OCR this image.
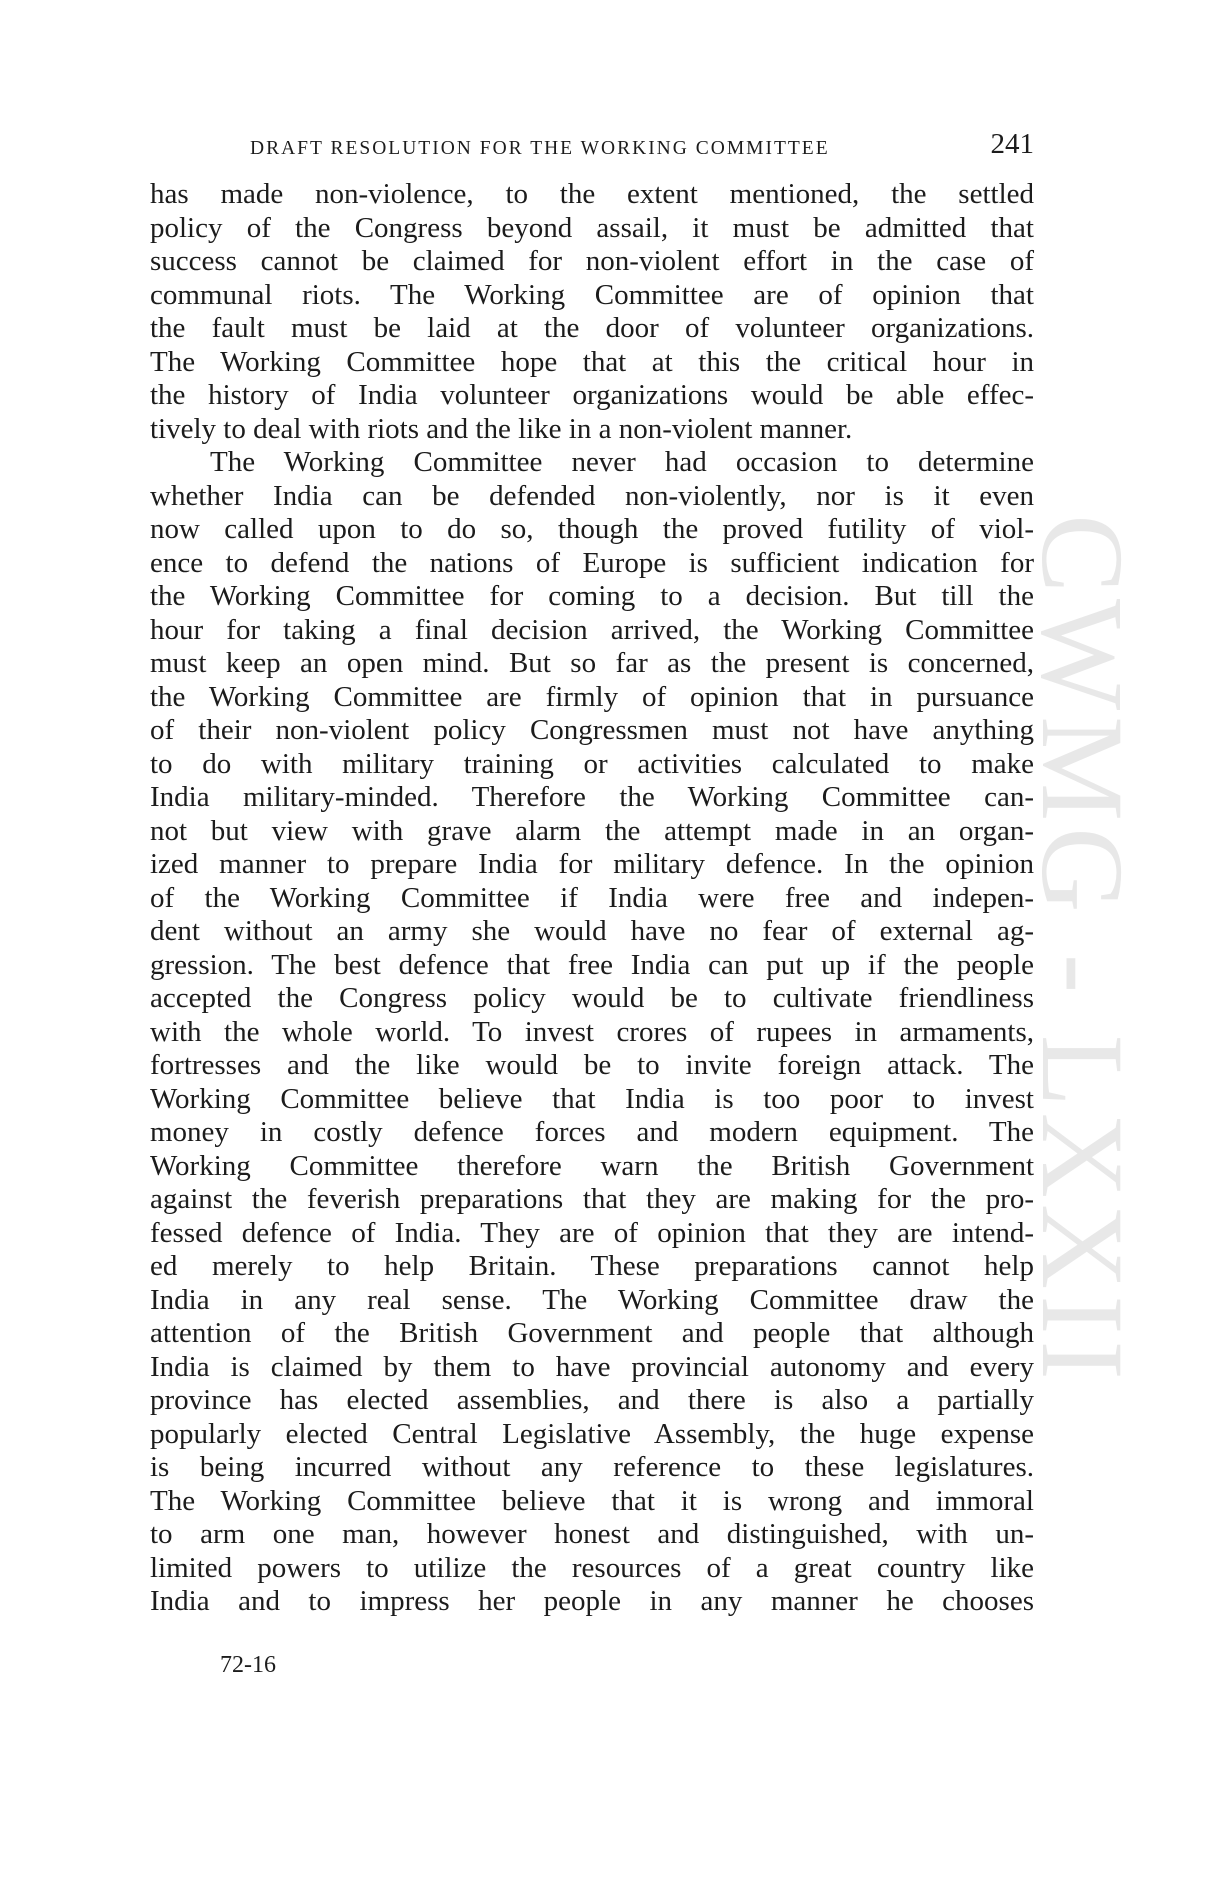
CWMG - LXXII
DRAFT RESOLUTION FOR THE WORKING COMMITTEE	241
has made non-violence, to the extent mentioned, the settled
policy of the Congress beyond assail, it must be admitted that
success cannot be claimed for non-violent effort in the case of
communal riots. The Working Committee are of opinion that
the fault must be laid at the door of volunteer organizations.
The Working Committee hope that at this the critical hour in
the history of India volunteer organizations would be able effec-
tively to deal with riots and the like in a non-violent manner.
The Working Committee never had occasion to determine
whether India can be defended non-violently, nor is it even
now called upon to do so, though the proved futility of viol-
ence to defend the nations of Europe is sufficient indication for
the Working Committee for coming to a decision. But till the
hour for taking a final decision arrived, the Working Committee
must keep an open mind. But so far as the present is concerned,
the Working Committee are firmly of opinion that in pursuance
of their non-violent policy Congressmen must not have anything
to do with military training or activities calculated to make
India military-minded. Therefore the Working Committee can-
not but view with grave alarm the attempt made in an organ-
ized manner to prepare India for military defence. In the opinion
of the Working Committee if India were free and indepen-
dent without an army she would have no fear of external ag-
gression. The best defence that free India can put up if the people
accepted the Congress policy would be to cultivate friendliness
with the whole world. To invest crores of rupees in armaments,
fortresses and the like would be to invite foreign attack. The
Working Committee believe that India is too poor to invest
money in costly defence forces and modern equipment. The
Working Committee therefore warn the British Government
against the feverish preparations that they are making for the pro-
fessed defence of India. They are of opinion that they are intend-
ed merely to help Britain. These preparations cannot help
India in any real sense. The Working Committee draw the
attention of the British Government and people that although
India is claimed by them to have provincial autonomy and every
province has elected assemblies, and there is also a partially
popularly elected Central Legislative Assembly, the huge expense
is being incurred without any reference to these legislatures.
The Working Committee believe that it is wrong and immoral
to arm one man, however honest and distinguished, with un-
limited powers to utilize the resources of a great country like
India and to impress her people in any manner he chooses
72-16
